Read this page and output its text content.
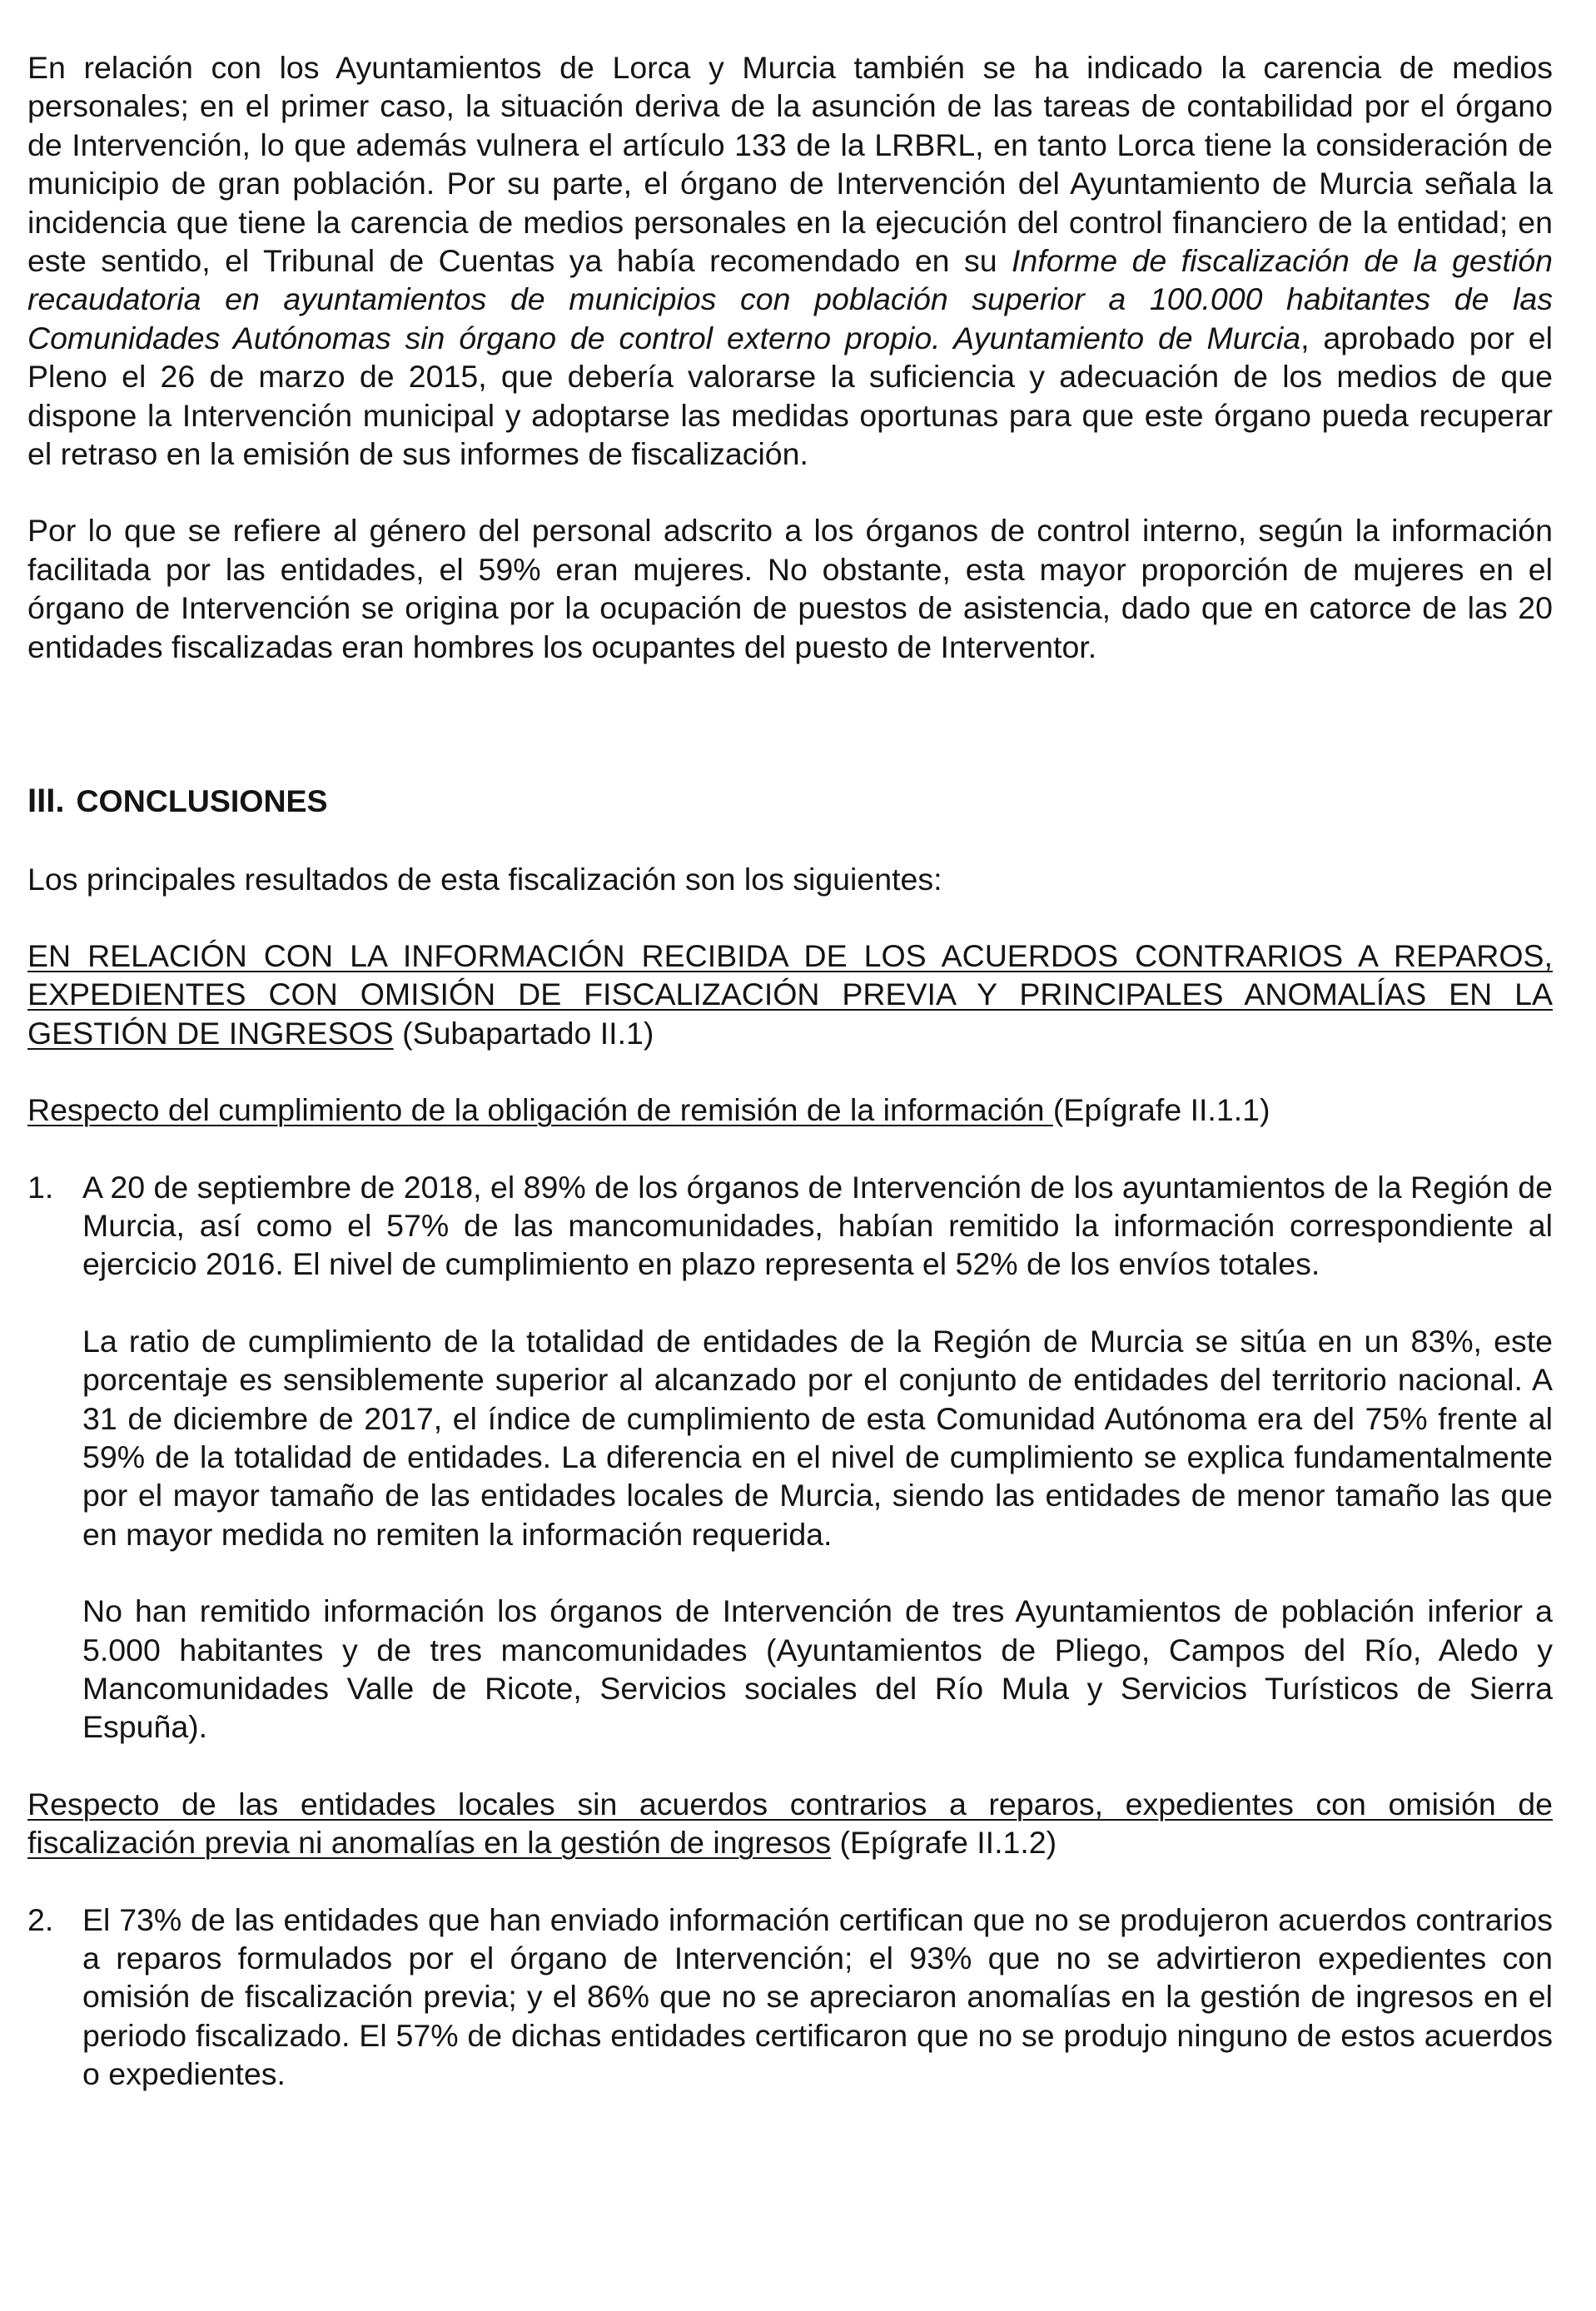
En relación con los Ayuntamientos de Lorca y Murcia también se ha indicado la carencia de medios personales; en el primer caso, la situación deriva de la asunción de las tareas de contabilidad por el órgano de Intervención, lo que además vulnera el artículo 133 de la LRBRL, en tanto Lorca tiene la consideración de municipio de gran población. Por su parte, el órgano de Intervención del Ayuntamiento de Murcia señala la incidencia que tiene la carencia de medios personales en la ejecución del control financiero de la entidad; en este sentido, el Tribunal de Cuentas ya había recomendado en su Informe de fiscalización de la gestión recaudatoria en ayuntamientos de municipios con población superior a 100.000 habitantes de las Comunidades Autónomas sin órgano de control externo propio. Ayuntamiento de Murcia, aprobado por el Pleno el 26 de marzo de 2015, que debería valorarse la suficiencia y adecuación de los medios de que dispone la Intervención municipal y adoptarse las medidas oportunas para que este órgano pueda recuperar el retraso en la emisión de sus informes de fiscalización.

Por lo que se refiere al género del personal adscrito a los órganos de control interno, según la información facilitada por las entidades, el 59% eran mujeres. No obstante, esta mayor proporción de mujeres en el órgano de Intervención se origina por la ocupación de puestos de asistencia, dado que en catorce de las 20 entidades fiscalizadas eran hombres los ocupantes del puesto de Interventor.

III. CONCLUSIONES

Los principales resultados de esta fiscalización son los siguientes:

EN RELACIÓN CON LA INFORMACIÓN RECIBIDA DE LOS ACUERDOS CONTRARIOS A REPAROS, EXPEDIENTES CON OMISIÓN DE FISCALIZACIÓN PREVIA Y PRINCIPALES ANOMALÍAS EN LA GESTIÓN DE INGRESOS (Subapartado II.1)

Respecto del cumplimiento de la obligación de remisión de la información (Epígrafe II.1.1)

1. A 20 de septiembre de 2018, el 89% de los órganos de Intervención de los ayuntamientos de la Región de Murcia, así como el 57% de las mancomunidades, habían remitido la información correspondiente al ejercicio 2016. El nivel de cumplimiento en plazo representa el 52% de los envíos totales.

La ratio de cumplimiento de la totalidad de entidades de la Región de Murcia se sitúa en un 83%, este porcentaje es sensiblemente superior al alcanzado por el conjunto de entidades del territorio nacional. A 31 de diciembre de 2017, el índice de cumplimiento de esta Comunidad Autónoma era del 75% frente al 59% de la totalidad de entidades. La diferencia en el nivel de cumplimiento se explica fundamentalmente por el mayor tamaño de las entidades locales de Murcia, siendo las entidades de menor tamaño las que en mayor medida no remiten la información requerida.

No han remitido información los órganos de Intervención de tres Ayuntamientos de población inferior a 5.000 habitantes y de tres mancomunidades (Ayuntamientos de Pliego, Campos del Río, Aledo y Mancomunidades Valle de Ricote, Servicios sociales del Río Mula y Servicios Turísticos de Sierra Espuña).

Respecto de las entidades locales sin acuerdos contrarios a reparos, expedientes con omisión de fiscalización previa ni anomalías en la gestión de ingresos (Epígrafe II.1.2)

2. El 73% de las entidades que han enviado información certifican que no se produjeron acuerdos contrarios a reparos formulados por el órgano de Intervención; el 93% que no se advirtieron expedientes con omisión de fiscalización previa; y el 86% que no se apreciaron anomalías en la gestión de ingresos en el periodo fiscalizado. El 57% de dichas entidades certificaron que no se produjo ninguno de estos acuerdos o expedientes.
